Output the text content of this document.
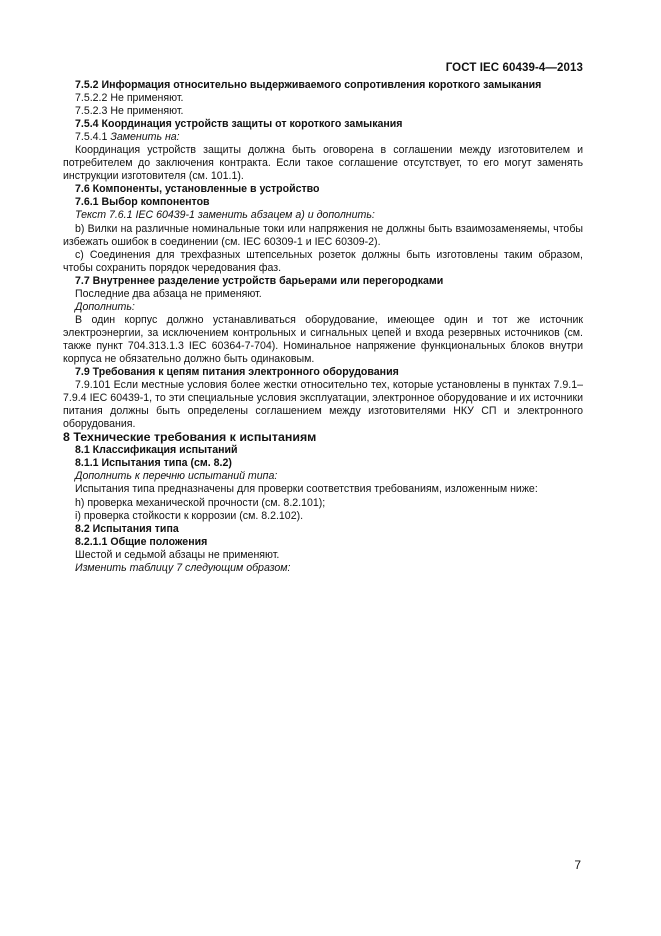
ГОСТ IEC 60439-4—2013

7.5.2 Информация относительно выдерживаемого сопротивления короткого замыкания

7.5.2.2 Не применяют.

7.5.2.3 Не применяют.

7.5.4 Координация устройств защиты от короткого замыкания

7.5.4.1 Заменить на:

Координация устройств защиты должна быть оговорена в соглашении между изготовителем и потребителем до заключения контракта. Если такое соглашение отсутствует, то его могут заменять инструкции изготовителя (см. 101.1).

7.6 Компоненты, установленные в устройство

7.6.1 Выбор компонентов

Текст 7.6.1 IEC 60439-1 заменить абзацем а) и дополнить:

b) Вилки на различные номинальные токи или напряжения не должны быть взаимозаменяемы, чтобы избежать ошибок в соединении (см. IEC 60309-1 и IEC 60309-2).

c) Соединения для трехфазных штепсельных розеток должны быть изготовлены таким образом, чтобы сохранить порядок чередования фаз.

7.7 Внутреннее разделение устройств барьерами или перегородками

Последние два абзаца не применяют.

Дополнить:

В один корпус должно устанавливаться оборудование, имеющее один и тот же источник электроэнергии, за исключением контрольных и сигнальных цепей и входа резервных источников (см. также пункт 704.313.1.3 IEC 60364-7-704). Номинальное напряжение функциональных блоков внутри корпуса не обязательно должно быть одинаковым.

7.9 Требования к цепям питания электронного оборудования

7.9.101 Если местные условия более жестки относительно тех, которые установлены в пунктах 7.9.1–7.9.4 IEC 60439-1, то эти специальные условия эксплуатации, электронное оборудование и их источники питания должны быть определены соглашением между изготовителями НКУ СП и электронного оборудования.

8 Технические требования к испытаниям

8.1 Классификация испытаний

8.1.1 Испытания типа (см. 8.2)

Дополнить к перечню испытаний типа:

Испытания типа предназначены для проверки соответствия требованиям, изложенным ниже:

h) проверка механической прочности (см. 8.2.101);

i) проверка стойкости к коррозии (см. 8.2.102).

8.2 Испытания типа

8.2.1.1 Общие положения

Шестой и седьмой абзацы не применяют.

Изменить таблицу 7 следующим образом:

7
